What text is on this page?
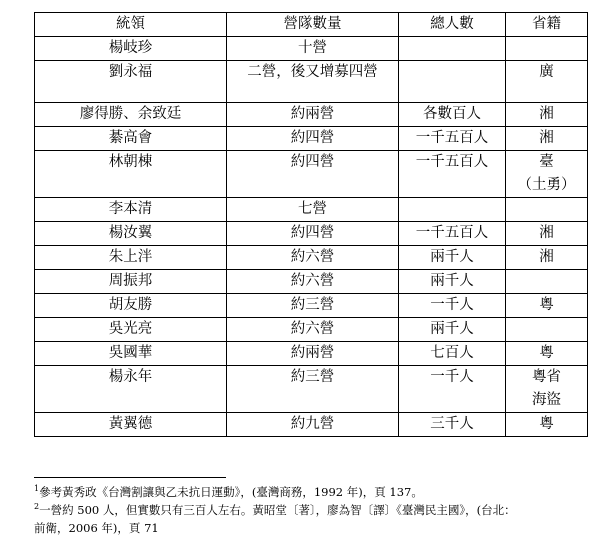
統領	營隊數量	總人數	省籍
楊岐珍	十營		
劉永福	二營，後又增募四營		廣
廖得勝、余致廷	約兩營	各數百人	湘
綦高會	約四營	一千五百人	湘
林朝棟	約四營	一千五百人	臺
（土勇）

李本清	七營		
楊汝翼	約四營	一千五百人	湘
朱上泮	約六營	兩千人	湘
周振邦	約六營	兩千人	
胡友勝	約三營	一千人	粵
吳光亮	約六營	兩千人	
吳國華	約兩營	七百人	粵
楊永年	約三營	一千人	粵省
海盜

黃翼德	約九營	三千人	粵
$^1$參考黃秀政《台灣割讓與乙未抗日運動》，(臺灣商務，1992 年)，頁 137。
$^2$一營約 500 人，但實數只有三百人左右。黃昭堂〔著〕，廖為智〔譯〕《臺灣民主國》，(台北：
前衛，2006 年)，頁 71
